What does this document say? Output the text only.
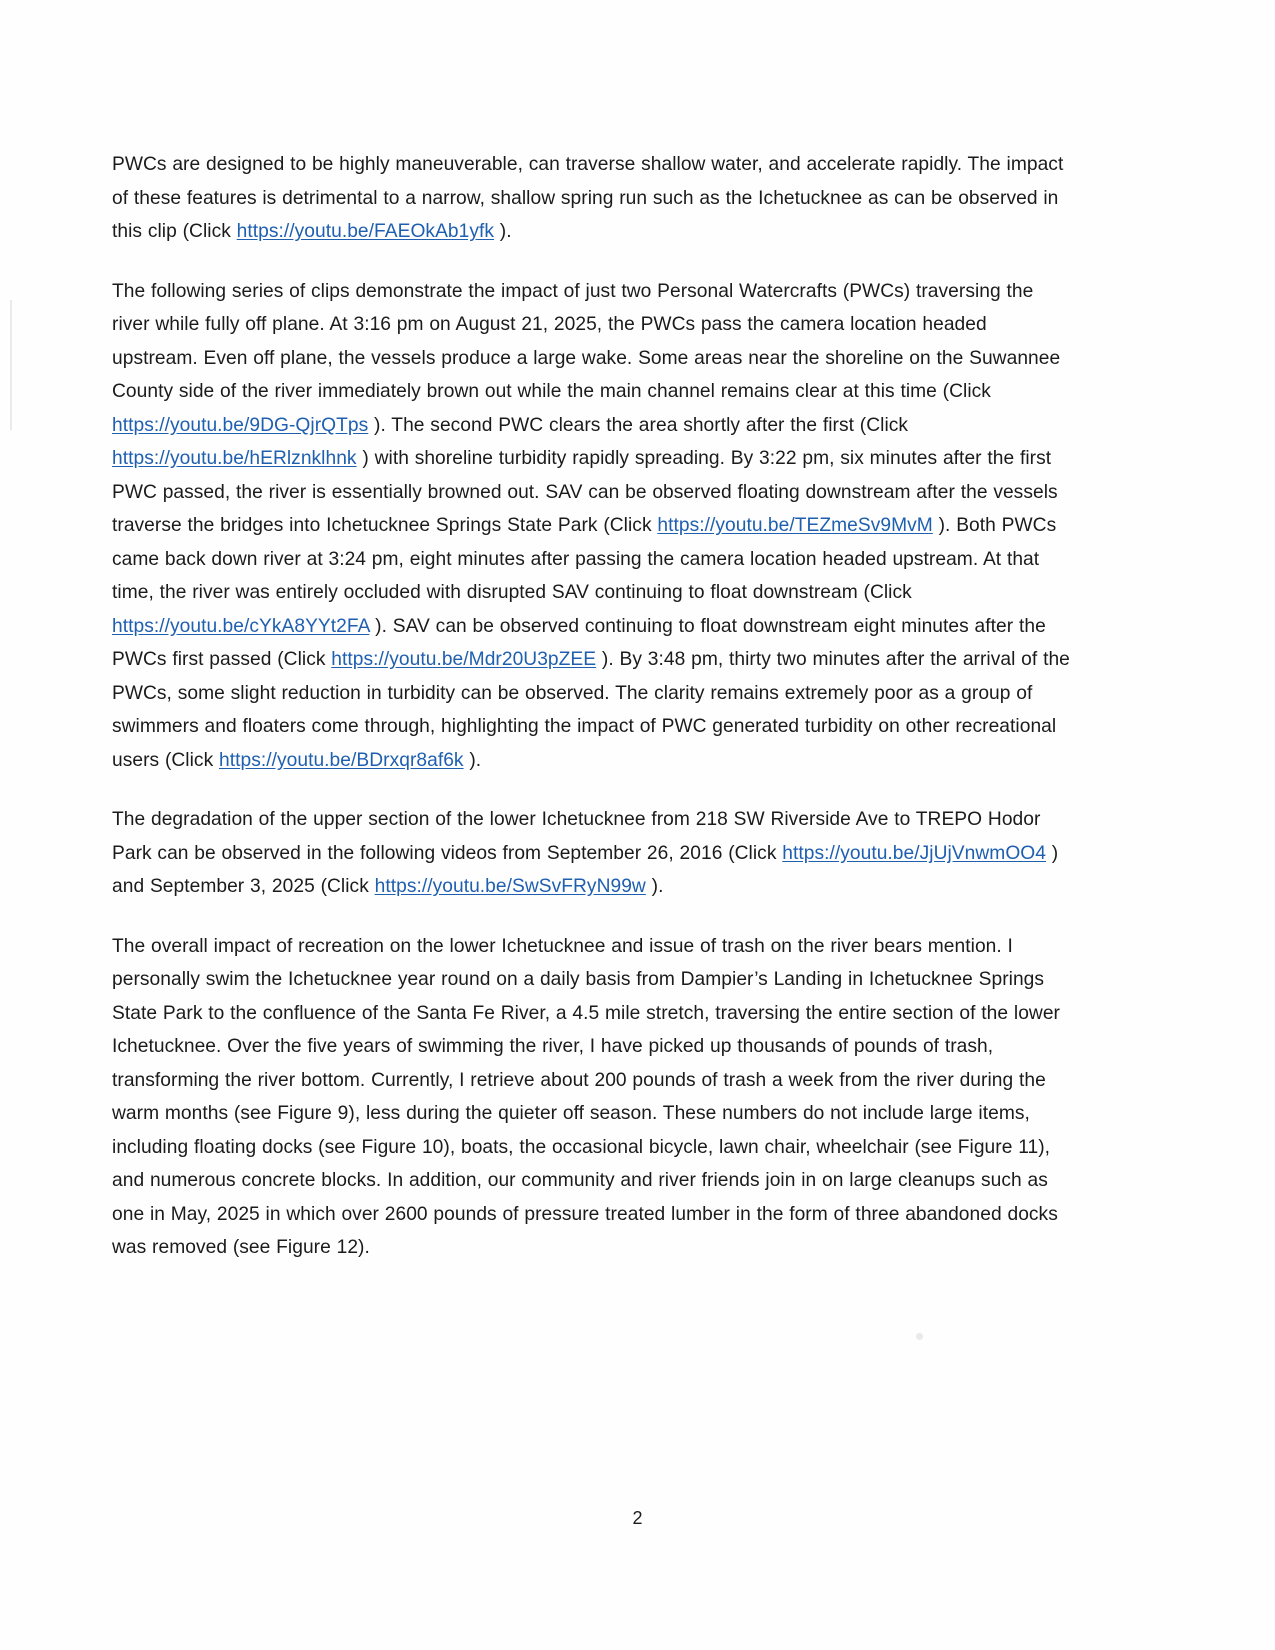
PWCs are designed to be highly maneuverable, can traverse shallow water, and accelerate rapidly. The impact of these features is detrimental to a narrow, shallow spring run such as the Ichetucknee as can be observed in this clip (Click https://youtu.be/FAEOkAb1yfk ).

The following series of clips demonstrate the impact of just two Personal Watercrafts (PWCs) traversing the river while fully off plane. At 3:16 pm on August 21, 2025, the PWCs pass the camera location headed upstream. Even off plane, the vessels produce a large wake. Some areas near the shoreline on the Suwannee County side of the river immediately brown out while the main channel remains clear at this time (Click https://youtu.be/9DG-QjrQTps ). The second PWC clears the area shortly after the first (Click https://youtu.be/hERlznklhnk ) with shoreline turbidity rapidly spreading. By 3:22 pm, six minutes after the first PWC passed, the river is essentially browned out. SAV can be observed floating downstream after the vessels traverse the bridges into Ichetucknee Springs State Park (Click https://youtu.be/TEZmeSv9MvM ). Both PWCs came back down river at 3:24 pm, eight minutes after passing the camera location headed upstream. At that time, the river was entirely occluded with disrupted SAV continuing to float downstream (Click https://youtu.be/cYkA8YYt2FA ). SAV can be observed continuing to float downstream eight minutes after the PWCs first passed (Click https://youtu.be/Mdr20U3pZEE ). By 3:48 pm, thirty two minutes after the arrival of the PWCs, some slight reduction in turbidity can be observed. The clarity remains extremely poor as a group of swimmers and floaters come through, highlighting the impact of PWC generated turbidity on other recreational users (Click https://youtu.be/BDrxqr8af6k ).

The degradation of the upper section of the lower Ichetucknee from 218 SW Riverside Ave to TREPO Hodor Park can be observed in the following videos from September 26, 2016 (Click https://youtu.be/JjUjVnwmOO4 ) and September 3, 2025 (Click https://youtu.be/SwSvFRyN99w ).

The overall impact of recreation on the lower Ichetucknee and issue of trash on the river bears mention. I personally swim the Ichetucknee year round on a daily basis from Dampier’s Landing in Ichetucknee Springs State Park to the confluence of the Santa Fe River, a 4.5 mile stretch, traversing the entire section of the lower Ichetucknee. Over the five years of swimming the river, I have picked up thousands of pounds of trash, transforming the river bottom. Currently, I retrieve about 200 pounds of trash a week from the river during the warm months (see Figure 9), less during the quieter off season. These numbers do not include large items, including floating docks (see Figure 10), boats, the occasional bicycle, lawn chair, wheelchair (see Figure 11), and numerous concrete blocks. In addition, our community and river friends join in on large cleanups such as one in May, 2025 in which over 2600 pounds of pressure treated lumber in the form of three abandoned docks was removed (see Figure 12).

2
